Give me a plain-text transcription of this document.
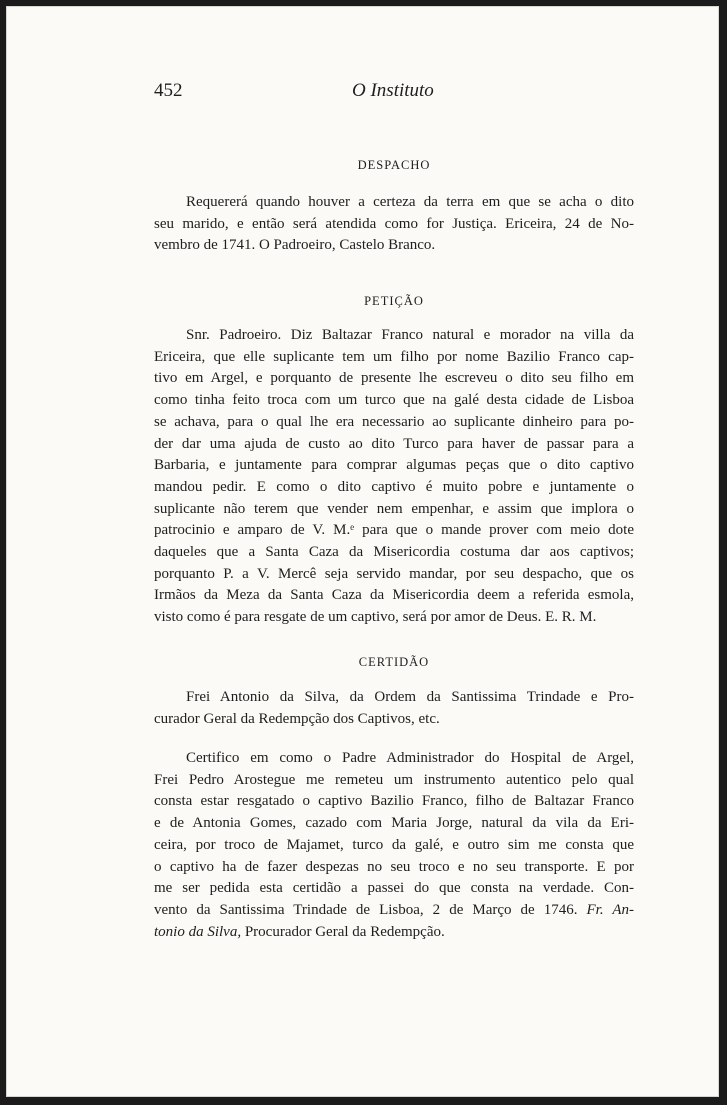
452	O Instituto
DESPACHO

Requererá quando houver a certeza da terra em que se acha o dito
seu marido, e então será atendida como for Justiça. Ericeira, 24 de No-
vembro de 1741. O Padroeiro, Castelo Branco.

PETIÇÃO

Snr. Padroeiro. Diz Baltazar Franco natural e morador na villa da
Ericeira, que elle suplicante tem um filho por nome Bazilio Franco cap-
tivo em Argel, e porquanto de presente lhe escreveu o dito seu filho em
como tinha feito troca com um turco que na galé desta cidade de Lisboa
se achava, para o qual lhe era necessario ao suplicante dinheiro para po-
der dar uma ajuda de custo ao dito Turco para haver de passar para a
Barbaria, e juntamente para comprar algumas peças que o dito captivo
mandou pedir. E como o dito captivo é muito pobre e juntamente o
suplicante não terem que vender nem empenhar, e assim que implora o
patrocinio e amparo de V. M.ᵉ para que o mande prover com meio dote
daqueles que a Santa Caza da Misericordia costuma dar aos captivos;
porquanto P. a V. Mercê seja servido mandar, por seu despacho, que os
Irmãos da Meza da Santa Caza da Misericordia deem a referida esmola,
visto como é para resgate de um captivo, será por amor de Deus. E. R. M.

CERTIDÃO

Frei Antonio da Silva, da Ordem da Santissima Trindade e Pro-
curador Geral da Redempção dos Captivos, etc.

Certifico em como o Padre Administrador do Hospital de Argel,
Frei Pedro Arostegue me remeteu um instrumento autentico pelo qual
consta estar resgatado o captivo Bazilio Franco, filho de Baltazar Franco
e de Antonia Gomes, cazado com Maria Jorge, natural da vila da Eri-
ceira, por troco de Majamet, turco da galé, e outro sim me consta que
o captivo ha de fazer despezas no seu troco e no seu transporte. E por
me ser pedida esta certidão a passei do que consta na verdade. Con-
vento da Santissima Trindade de Lisboa, 2 de Março de 1746. Fr. An-
tonio da Silva, Procurador Geral da Redempção.
